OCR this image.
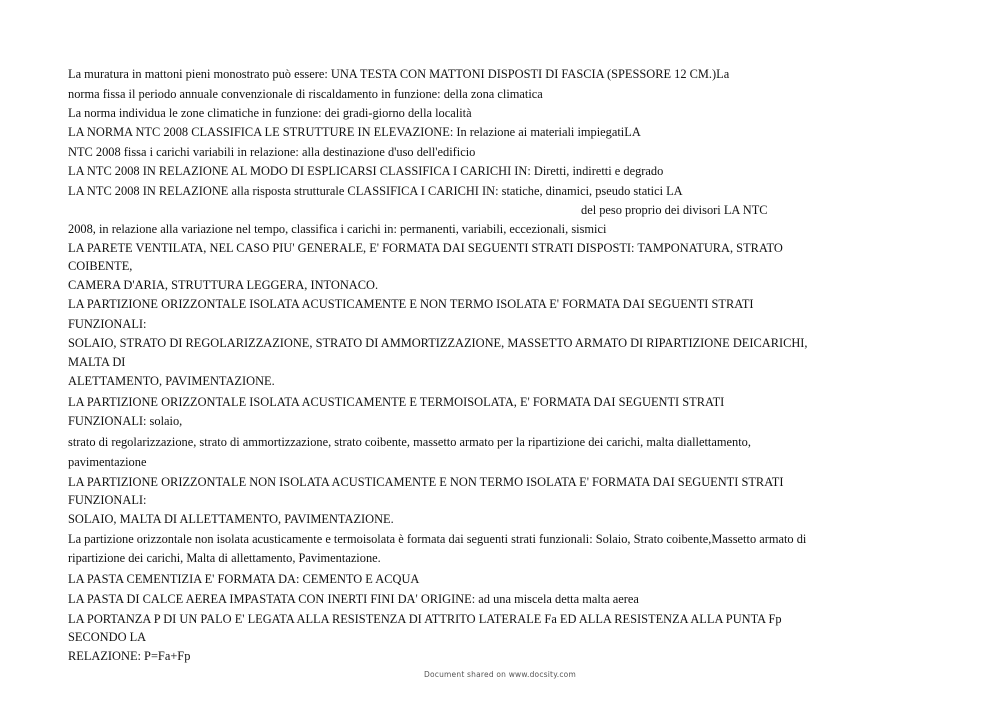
La muratura in mattoni pieni monostrato può essere: UNA TESTA CON MATTONI DISPOSTI DI FASCIA (SPESSORE 12 CM.)La
norma fissa il periodo annuale convenzionale di riscaldamento in funzione: della zona climatica
La norma individua le zone climatiche in funzione: dei gradi-giorno della località
LA NORMA NTC 2008 CLASSIFICA LE STRUTTURE IN ELEVAZIONE: In relazione ai materiali impiegatiLA
NTC 2008 fissa i carichi variabili in relazione: alla destinazione d'uso dell'edificio
LA NTC 2008 IN RELAZIONE AL MODO DI ESPLICARSI CLASSIFICA I CARICHI IN: Diretti, indiretti e degrado
LA NTC 2008 IN RELAZIONE alla risposta strutturale CLASSIFICA I CARICHI IN: statiche, dinamici, pseudo statici LA
del peso proprio dei divisori LA NTC
2008, in relazione alla variazione nel tempo, classifica i carichi in: permanenti, variabili, eccezionali, sismici
LA PARETE VENTILATA, NEL CASO PIU' GENERALE, E' FORMATA DAI SEGUENTI STRATI DISPOSTI: TAMPONATURA, STRATO
COIBENTE,
CAMERA D'ARIA, STRUTTURA LEGGERA, INTONACO.
LA PARTIZIONE ORIZZONTALE ISOLATA ACUSTICAMENTE E NON TERMO ISOLATA E' FORMATA DAI SEGUENTI STRATI
FUNZIONALI:
SOLAIO, STRATO DI REGOLARIZZAZIONE, STRATO DI AMMORTIZZAZIONE, MASSETTO ARMATO DI RIPARTIZIONE DEICARICHI,
MALTA DI
ALETTAMENTO, PAVIMENTAZIONE.
LA PARTIZIONE ORIZZONTALE ISOLATA ACUSTICAMENTE E TERMOISOLATA, E' FORMATA DAI SEGUENTI STRATI
FUNZIONALI: solaio,
strato di regolarizzazione, strato di ammortizzazione, strato coibente, massetto armato per la ripartizione dei carichi, malta diallettamento,
pavimentazione
LA PARTIZIONE ORIZZONTALE NON ISOLATA ACUSTICAMENTE E NON TERMO ISOLATA E' FORMATA DAI SEGUENTI STRATI
FUNZIONALI:
SOLAIO, MALTA DI ALLETTAMENTO, PAVIMENTAZIONE.
La partizione orizzontale non isolata acusticamente e termoisolata è formata dai seguenti strati funzionali: Solaio, Strato coibente,Massetto armato di
ripartizione dei carichi, Malta di allettamento, Pavimentazione.
LA PASTA CEMENTIZIA E' FORMATA DA: CEMENTO E ACQUA
LA PASTA DI CALCE AEREA IMPASTATA CON INERTI FINI DA' ORIGINE: ad una miscela detta malta aerea
LA PORTANZA P DI UN PALO E' LEGATA ALLA RESISTENZA DI ATTRITO LATERALE Fa ED ALLA RESISTENZA ALLA PUNTA Fp
SECONDO LA
RELAZIONE: P=Fa+Fp
Document shared on www.docsity.com
